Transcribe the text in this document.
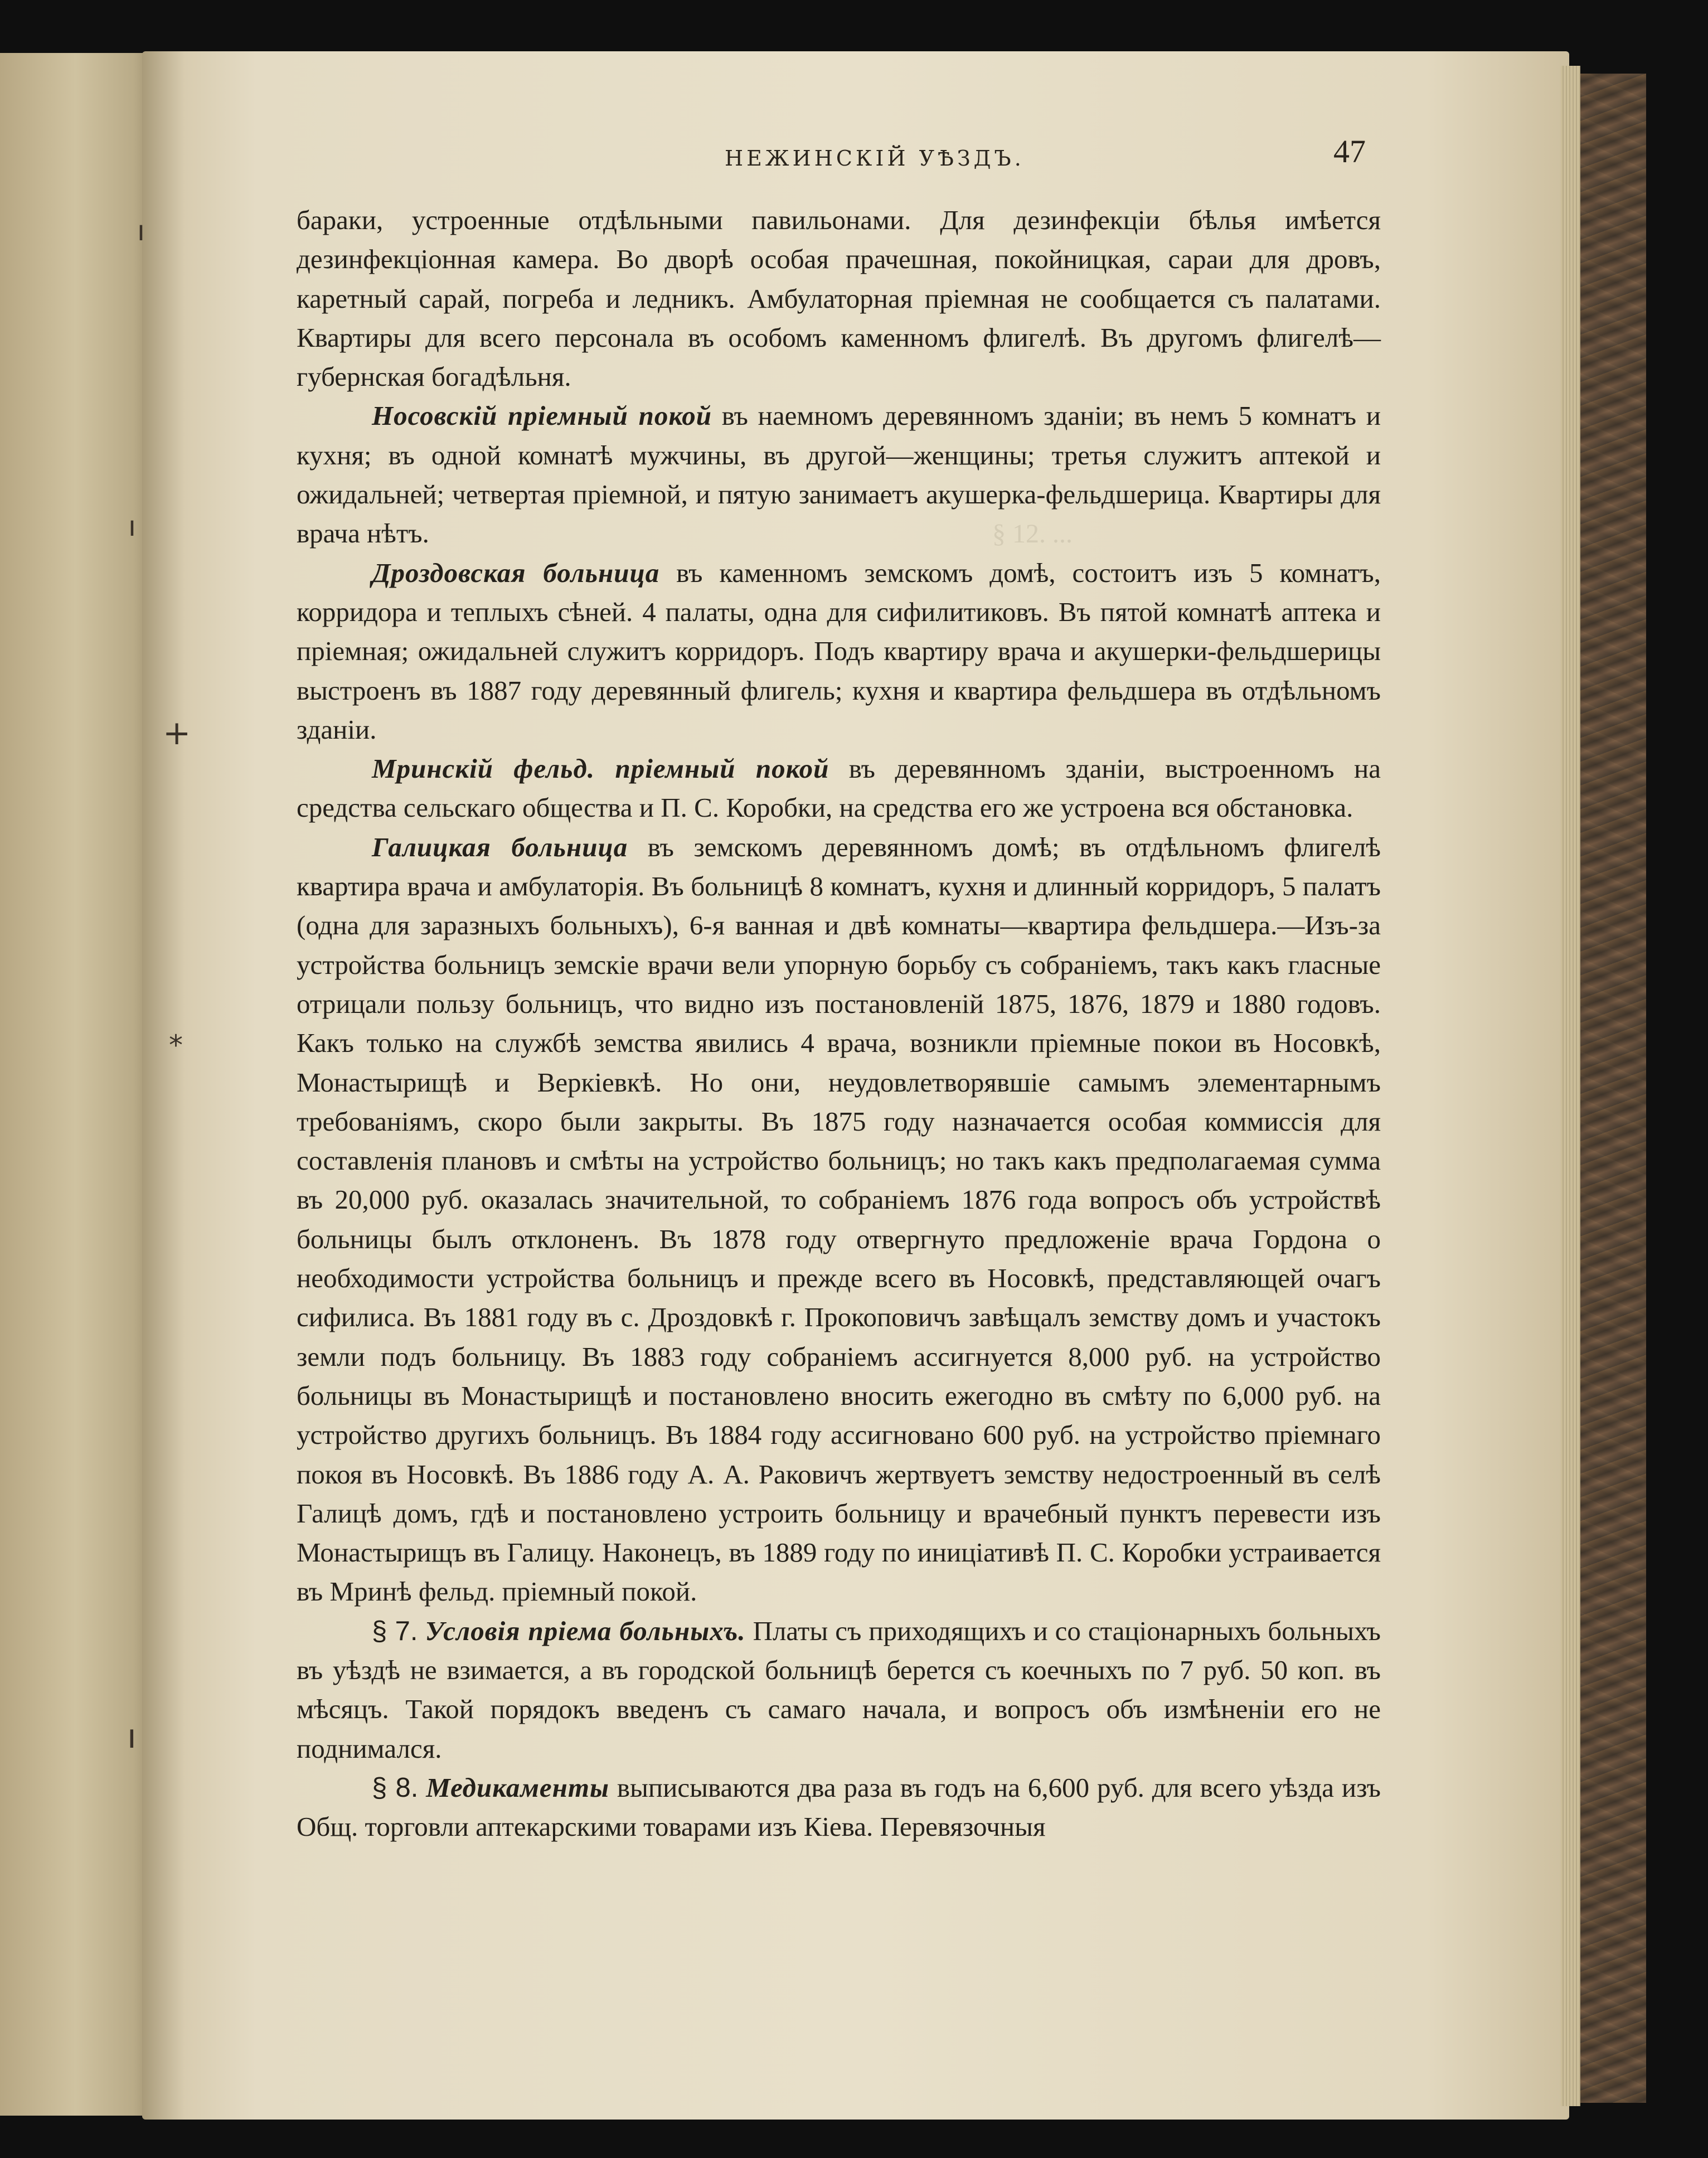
§ 12. ...
ı
ı
+
⁎
ı
НЕЖИНСКІЙ УѢЗДЪ.	47

бараки, устроенные отдѣльными павильонами. Для дезинфекціи бѣлья имѣется дезинфекціонная камера. Во дворѣ особая прачешная, покойницкая, сараи для дровъ, каретный сарай, погреба и ледникъ. Амбулаторная пріемная не сообщается съ палатами. Квартиры для всего персонала въ особомъ каменномъ флигелѣ. Въ другомъ флигелѣ—губернская богадѣльня.

Носовскій пріемный покой въ наемномъ деревянномъ зданіи; въ немъ 5 комнатъ и кухня; въ одной комнатѣ мужчины, въ другой—женщины; третья служитъ аптекой и ожидальней; четвертая пріемной, и пятую занимаетъ акушерка-фельдшерица. Квартиры для врача нѣтъ.

Дроздовская больница въ каменномъ земскомъ домѣ, состоитъ изъ 5 комнатъ, корридора и теплыхъ сѣней. 4 палаты, одна для сифилитиковъ. Въ пятой комнатѣ аптека и пріемная; ожидальней служитъ корридоръ. Подъ квартиру врача и акушерки-фельдшерицы выстроенъ въ 1887 году деревянный флигель; кухня и квартира фельдшера въ отдѣльномъ зданіи.

Мринскій фельд. пріемный покой въ деревянномъ зданіи, выстроенномъ на средства сельскаго общества и П. С. Коробки, на средства его же устроена вся обстановка.

Галицкая больница въ земскомъ деревянномъ домѣ; въ отдѣльномъ флигелѣ квартира врача и амбулаторія. Въ больницѣ 8 комнатъ, кухня и длинный корридоръ, 5 палатъ (одна для заразныхъ больныхъ), 6-я ванная и двѣ комнаты—квартира фельдшера.—Изъ-за устройства больницъ земскіе врачи вели упорную борьбу съ собраніемъ, такъ какъ гласные отрицали пользу больницъ, что видно изъ постановленій 1875, 1876, 1879 и 1880 годовъ. Какъ только на службѣ земства явились 4 врача, возникли пріемные покои въ Носовкѣ, Монастырищѣ и Веркіевкѣ. Но они, неудовлетворявшіе самымъ элементарнымъ требованіямъ, скоро были закрыты. Въ 1875 году назначается особая коммиссія для составленія плановъ и смѣты на устройство больницъ; но такъ какъ предполагаемая сумма въ 20,000 руб. оказалась значительной, то собраніемъ 1876 года вопросъ объ устройствѣ больницы былъ отклоненъ. Въ 1878 году отвергнуто предложеніе врача Гордона о необходимости устройства больницъ и прежде всего въ Носовкѣ, представляющей очагъ сифилиса. Въ 1881 году въ с. Дроздовкѣ г. Прокоповичъ завѣщалъ земству домъ и участокъ земли подъ больницу. Въ 1883 году собраніемъ ассигнуется 8,000 руб. на устройство больницы въ Монастырищѣ и постановлено вносить ежегодно въ смѣту по 6,000 руб. на устройство другихъ больницъ. Въ 1884 году ассигновано 600 руб. на устройство пріемнаго покоя въ Носовкѣ. Въ 1886 году А. А. Раковичъ жертвуетъ земству недостроенный въ селѣ Галицѣ домъ, гдѣ и постановлено устроить больницу и врачебный пунктъ перевести изъ Монастырищъ въ Галицу. Наконецъ, въ 1889 году по иниціативѣ П. С. Коробки устраивается въ Мринѣ фельд. пріемный покой.

§ 7. Условія пріема больныхъ. Платы съ приходящихъ и со стаціонарныхъ больныхъ въ уѣздѣ не взимается, а въ городской больницѣ берется съ коечныхъ по 7 руб. 50 коп. въ мѣсяцъ. Такой порядокъ введенъ съ самаго начала, и вопросъ объ измѣненіи его не поднимался.

§ 8. Медикаменты выписываются два раза въ годъ на 6,600 руб. для всего уѣзда изъ Общ. торговли аптекарскими товарами изъ Кіева. Перевязочныя
